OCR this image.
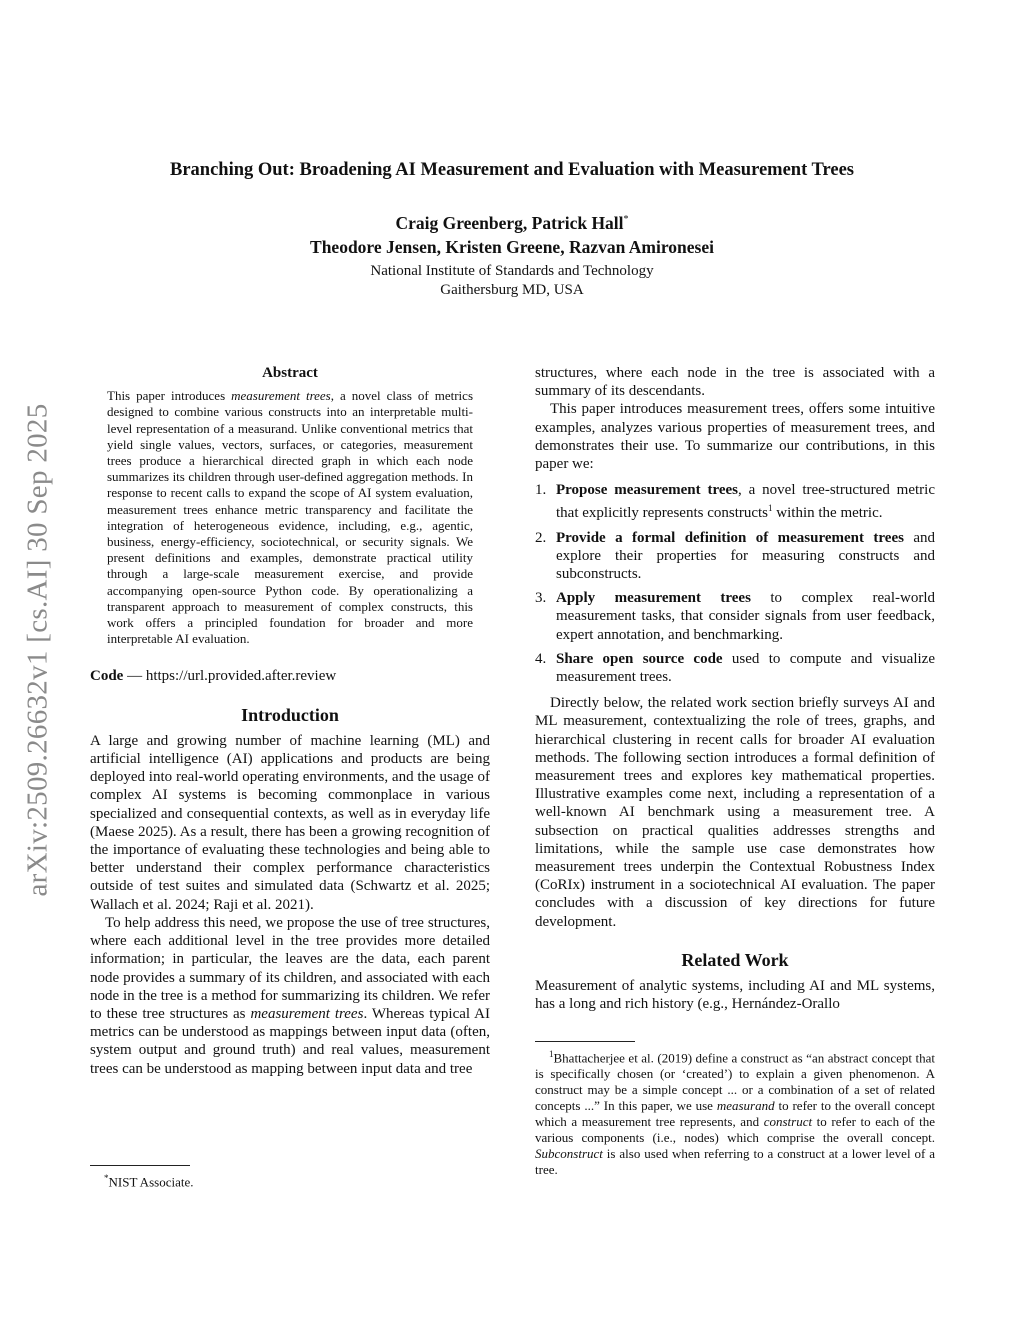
arXiv:2509.26632v1 [cs.AI] 30 Sep 2025
Branching Out: Broadening AI Measurement and Evaluation with Measurement Trees
Craig Greenberg, Patrick Hall*
Theodore Jensen, Kristen Greene, Razvan Amironesei
National Institute of Standards and Technology
Gaithersburg MD, USA
Abstract

This paper introduces measurement trees, a novel class of metrics designed to combine various constructs into an interpretable multi-level representation of a measurand. Unlike conventional metrics that yield single values, vectors, surfaces, or categories, measurement trees produce a hierarchical directed graph in which each node summarizes its children through user-defined aggregation methods. In response to recent calls to expand the scope of AI system evaluation, measurement trees enhance metric transparency and facilitate the integration of heterogeneous evidence, including, e.g., agentic, business, energy-efficiency, sociotechnical, or security signals. We present definitions and examples, demonstrate practical utility through a large-scale measurement exercise, and provide accompanying open-source Python code. By operationalizing a transparent approach to measurement of complex constructs, this work offers a principled foundation for broader and more interpretable AI evaluation.

Code — https://url.provided.after.review
Introduction

A large and growing number of machine learning (ML) and artificial intelligence (AI) applications and products are being deployed into real-world operating environments, and the usage of complex AI systems is becoming commonplace in various specialized and consequential contexts, as well as in everyday life (Maese 2025). As a result, there has been a growing recognition of the importance of evaluating these technologies and being able to better understand their complex performance characteristics outside of test suites and simulated data (Schwartz et al. 2025; Wallach et al. 2024; Raji et al. 2021).

To help address this need, we propose the use of tree structures, where each additional level in the tree provides more detailed information; in particular, the leaves are the data, each parent node provides a summary of its children, and associated with each node in the tree is a method for summarizing its children. We refer to these tree structures as measurement trees. Whereas typical AI metrics can be understood as mappings between input data (often, system output and ground truth) and real values, measurement trees can be understood as mapping between input data and tree

*NIST Associate.

structures, where each node in the tree is associated with a summary of its descendants.

This paper introduces measurement trees, offers some intuitive examples, analyzes various properties of measurement trees, and demonstrates their use. To summarize our contributions, in this paper we:

1. Propose measurement trees, a novel tree-structured metric that explicitly represents constructs$^1$ within the metric.
2. Provide a formal definition of measurement trees and explore their properties for measuring constructs and subconstructs.
3. Apply measurement trees to complex real-world measurement tasks, that consider signals from user feedback, expert annotation, and benchmarking.
4. Share open source code used to compute and visualize measurement trees.

Directly below, the related work section briefly surveys AI and ML measurement, contextualizing the role of trees, graphs, and hierarchical clustering in recent calls for broader AI evaluation methods. The following section introduces a formal definition of measurement trees and explores key mathematical properties. Illustrative examples come next, including a representation of a well-known AI benchmark using a measurement tree. A subsection on practical qualities addresses strengths and limitations, while the sample use case demonstrates how measurement trees underpin the Contextual Robustness Index (CoRIx) instrument in a sociotechnical AI evaluation. The paper concludes with a discussion of key directions for future development.

Related Work

Measurement of analytic systems, including AI and ML systems, has a long and rich history (e.g., Hernández-Orallo

$^1$Bhattacherjee et al. (2019) define a construct as “an abstract concept that is specifically chosen (or ‘created’) to explain a given phenomenon. A construct may be a simple concept ... or a combination of a set of related concepts ...” In this paper, we use measurand to refer to the overall concept which a measurement tree represents, and construct to refer to each of the various components (i.e., nodes) which comprise the overall concept. Subconstruct is also used when referring to a construct at a lower level of a tree.
